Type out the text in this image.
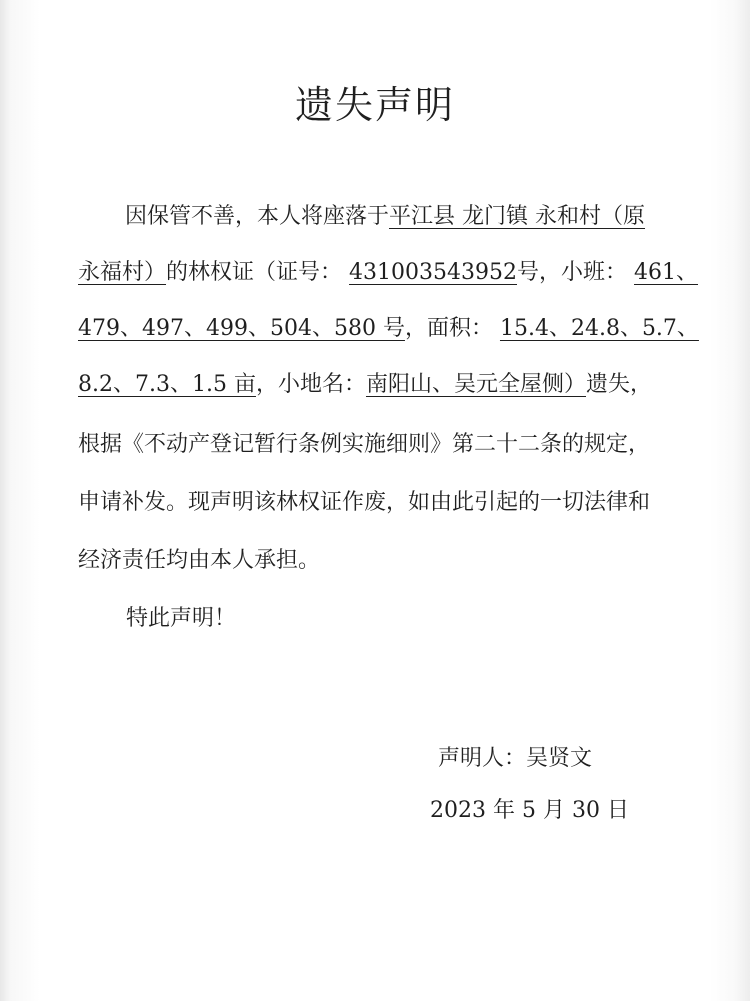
遗失声明

因保管不善，本人将座落于平江县 龙门镇 永和村（原

永福村）的林权证（证号： 431003543952号，小班： 461、

479、497、499、504、580 号，面积： 15.4、24.8、5.7、

8.2、7.3、1.5 亩，小地名：南阳山、吴元全屋侧）遗失，

根据《不动产登记暂行条例实施细则》第二十二条的规定，

申请补发。现声明该林权证作废，如由此引起的一切法律和

经济责任均由本人承担。

特此声明！

声明人：吴贤文
2023 年 5 月 30 日
